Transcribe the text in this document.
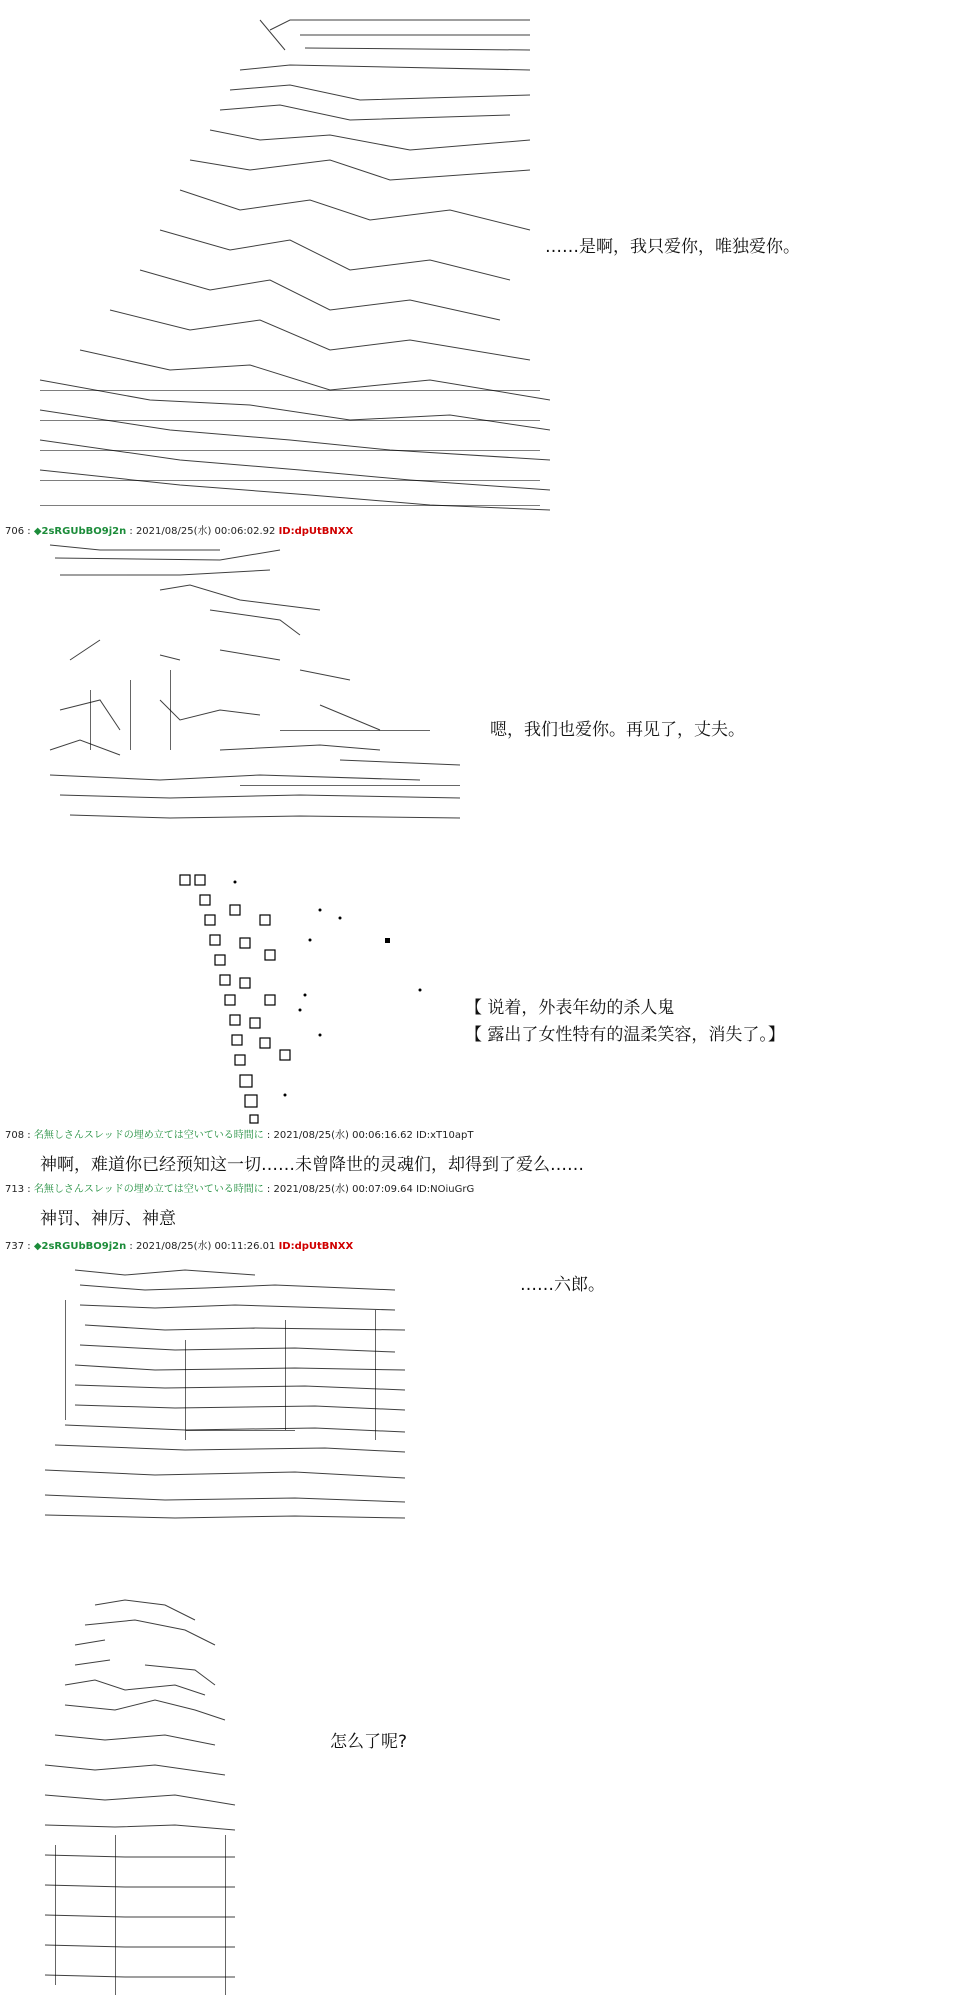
……是啊，我只爱你，唯独爱你。
706 : ◆2sRGUbBO9j2n : 2021/08/25(水) 00:06:02.92 ID:dpUtBNXX
嗯，我们也爱你。再见了，丈夫。
【 说着，外表年幼的杀人鬼
【 露出了女性特有的温柔笑容，消失了。】
708 : 名無しさんスレッドの埋め立ては空いている時間に : 2021/08/25(水) 00:06:16.62 ID:xT10apT
神啊，难道你已经预知这一切……未曾降世的灵魂们，却得到了爱么……
713 : 名無しさんスレッドの埋め立ては空いている時間に : 2021/08/25(水) 00:07:09.64 ID:NOiuGrG
神罚、神厉、神意
737 : ◆2sRGUbBO9j2n : 2021/08/25(水) 00:11:26.01 ID:dpUtBNXX
……六郎。
怎么了呢?
